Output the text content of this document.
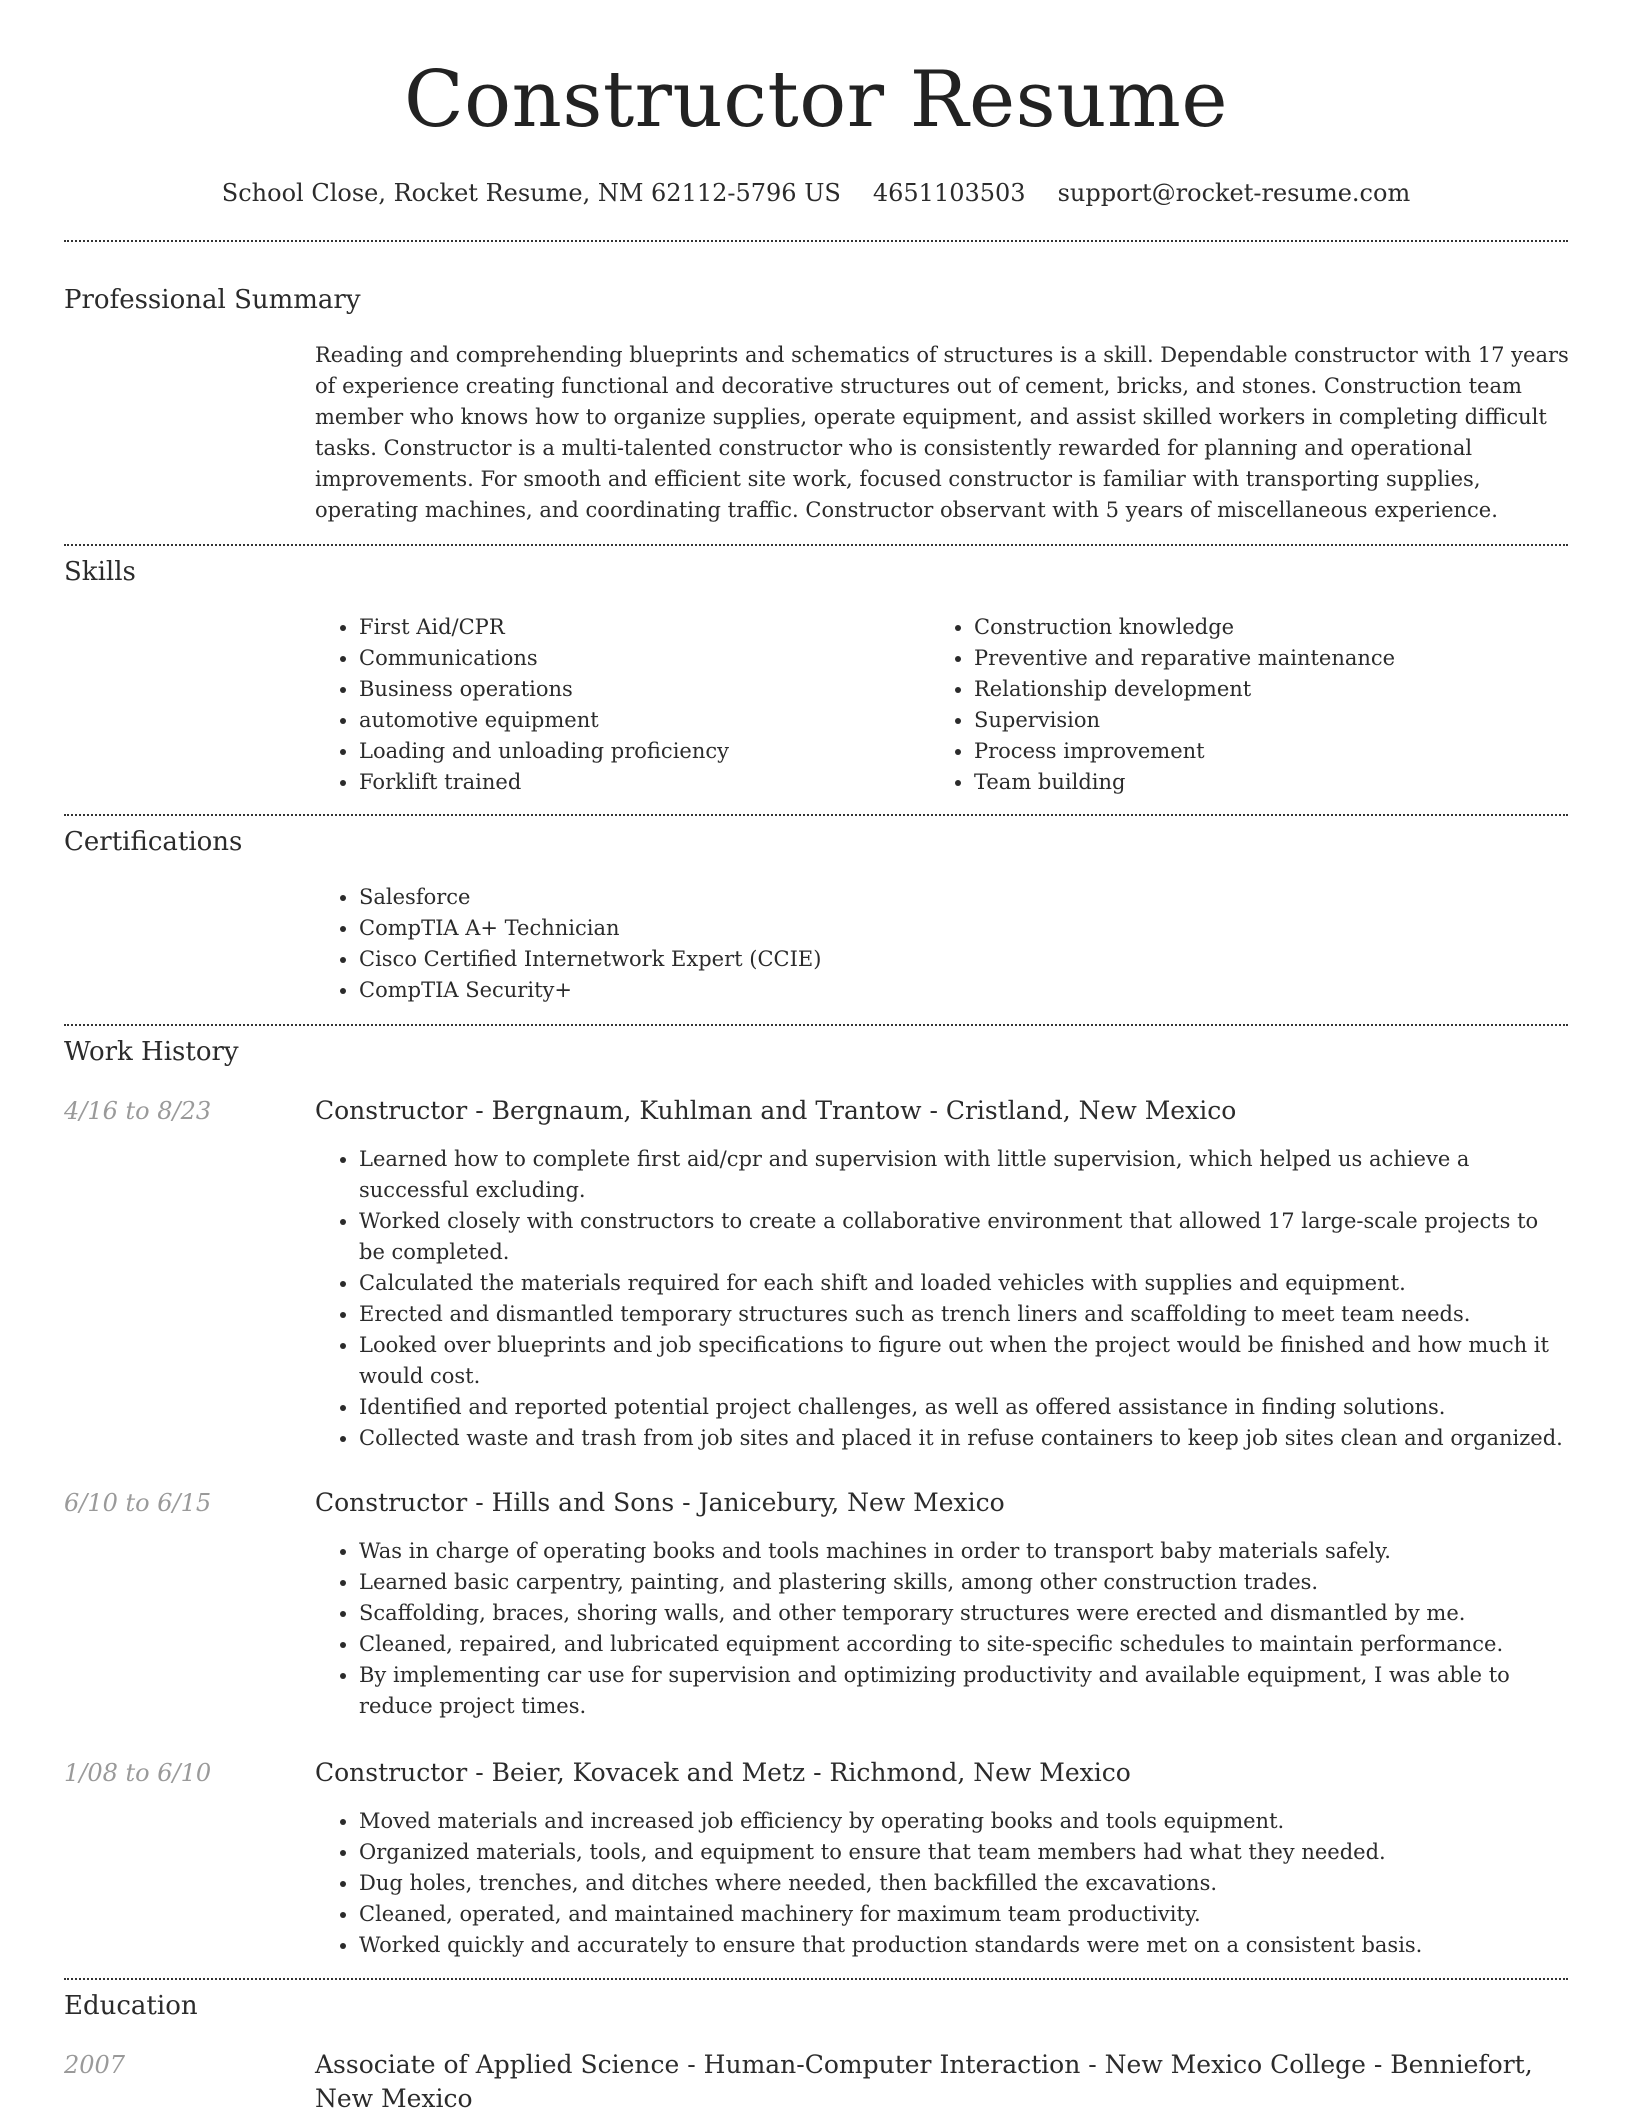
Constructor Resume
School Close, Rocket Resume, NM 62112-5796 US 4651103503 support@rocket-resume.com
Professional Summary
Reading and comprehending blueprints and schematics of structures is a skill. Dependable constructor with 17 years of experience creating functional and decorative structures out of cement, bricks, and stones. Construction team member who knows how to organize supplies, operate equipment, and assist skilled workers in completing difficult tasks. Constructor is a multi-talented constructor who is consistently rewarded for planning and operational improvements. For smooth and efficient site work, focused constructor is familiar with transporting supplies, operating machines, and coordinating traffic. Constructor observant with 5 years of miscellaneous experience.
Skills
• First Aid/CPR
• Communications
• Business operations
• automotive equipment
• Loading and unloading proficiency
• Forklift trained
• Construction knowledge
• Preventive and reparative maintenance
• Relationship development
• Supervision
• Process improvement
• Team building
Certifications
• Salesforce
• CompTIA A+ Technician
• Cisco Certified Internetwork Expert (CCIE)
• CompTIA Security+
Work History
4/16 to 8/23	Constructor - Bergnaum, Kuhlman and Trantow - Cristland, New Mexico
• Learned how to complete first aid/cpr and supervision with little supervision, which helped us achieve a successful excluding.
• Worked closely with constructors to create a collaborative environment that allowed 17 large-scale projects to be completed.
• Calculated the materials required for each shift and loaded vehicles with supplies and equipment.
• Erected and dismantled temporary structures such as trench liners and scaffolding to meet team needs.
• Looked over blueprints and job specifications to figure out when the project would be finished and how much it would cost.
• Identified and reported potential project challenges, as well as offered assistance in finding solutions.
• Collected waste and trash from job sites and placed it in refuse containers to keep job sites clean and organized.
6/10 to 6/15	Constructor - Hills and Sons - Janicebury, New Mexico
• Was in charge of operating books and tools machines in order to transport baby materials safely.
• Learned basic carpentry, painting, and plastering skills, among other construction trades.
• Scaffolding, braces, shoring walls, and other temporary structures were erected and dismantled by me.
• Cleaned, repaired, and lubricated equipment according to site-specific schedules to maintain performance.
• By implementing car use for supervision and optimizing productivity and available equipment, I was able to reduce project times.
1/08 to 6/10	Constructor - Beier, Kovacek and Metz - Richmond, New Mexico
• Moved materials and increased job efficiency by operating books and tools equipment.
• Organized materials, tools, and equipment to ensure that team members had what they needed.
• Dug holes, trenches, and ditches where needed, then backfilled the excavations.
• Cleaned, operated, and maintained machinery for maximum team productivity.
• Worked quickly and accurately to ensure that production standards were met on a consistent basis.
Education
2007	Associate of Applied Science - Human-Computer Interaction - New Mexico College - Benniefort, New Mexico
